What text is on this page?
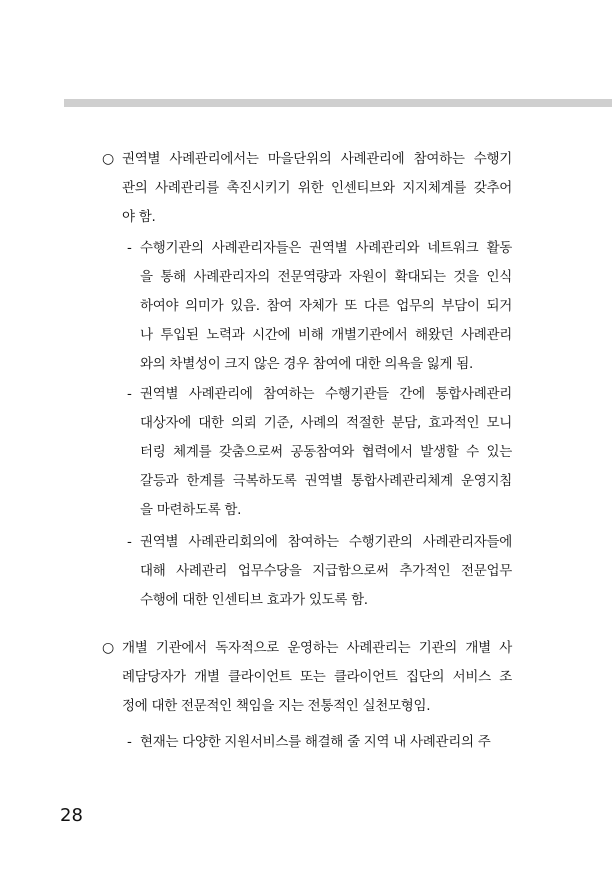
○ 권역별 사례관리에서는 마을단위의 사례관리에 참여하는 수행기
관의 사례관리를 촉진시키기 위한 인센티브와 지지체계를 갖추어
야 함.
- 수행기관의 사례관리자들은 권역별 사례관리와 네트워크 활동
을 통해 사례관리자의 전문역량과 자원이 확대되는 것을 인식
하여야 의미가 있음. 참여 자체가 또 다른 업무의 부담이 되거
나 투입된 노력과 시간에 비해 개별기관에서 해왔던 사례관리
와의 차별성이 크지 않은 경우 참여에 대한 의욕을 잃게 됨.
- 권역별 사례관리에 참여하는 수행기관들 간에 통합사례관리
대상자에 대한 의뢰 기준, 사례의 적절한 분담, 효과적인 모니
터링 체계를 갖춤으로써 공동참여와 협력에서 발생할 수 있는
갈등과 한계를 극복하도록 권역별 통합사례관리체계 운영지침
을 마련하도록 함.
- 권역별 사례관리회의에 참여하는 수행기관의 사례관리자들에
대해 사례관리 업무수당을 지급함으로써 추가적인 전문업무
수행에 대한 인센티브 효과가 있도록 함.
○ 개별 기관에서 독자적으로 운영하는 사례관리는 기관의 개별 사
례담당자가 개별 클라이언트 또는 클라이언트 집단의 서비스 조
정에 대한 전문적인 책임을 지는 전통적인 실천모형임.
- 현재는 다양한 지원서비스를 해결해 줄 지역 내 사례관리의 주
28
